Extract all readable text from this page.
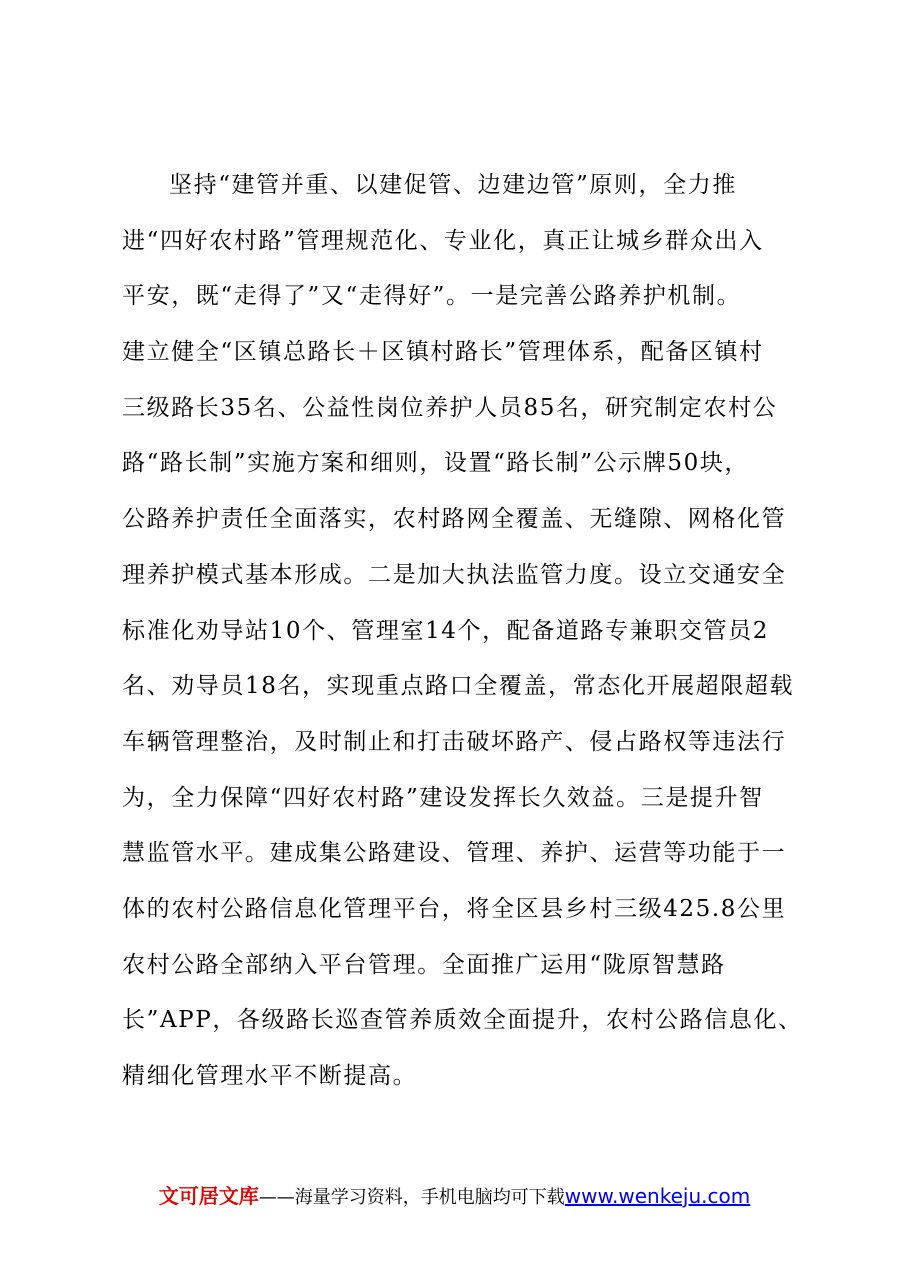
坚持“建管并重、以建促管、边建边管”原则，全力推
进“四好农村路”管理规范化、专业化，真正让城乡群众出入
平安，既“走得了”又“走得好”。一是完善公路养护机制。
建立健全“区镇总路长＋区镇村路长”管理体系，配备区镇村
三级路长35名、公益性岗位养护人员85名，研究制定农村公
路“路长制”实施方案和细则，设置“路长制”公示牌50块，
公路养护责任全面落实，农村路网全覆盖、无缝隙、网格化管
理养护模式基本形成。二是加大执法监管力度。设立交通安全
标准化劝导站10个、管理室14个，配备道路专兼职交管员2
名、劝导员18名，实现重点路口全覆盖，常态化开展超限超载
车辆管理整治，及时制止和打击破坏路产、侵占路权等违法行
为，全力保障“四好农村路”建设发挥长久效益。三是提升智
慧监管水平。建成集公路建设、管理、养护、运营等功能于一
体的农村公路信息化管理平台，将全区县乡村三级425.8公里
农村公路全部纳入平台管理。全面推广运用“陇原智慧路
长”APP，各级路长巡查管养质效全面提升，农村公路信息化、
精细化管理水平不断提高。
文可居文库——海量学习资料，手机电脑均可下载www.wenkeju.com
